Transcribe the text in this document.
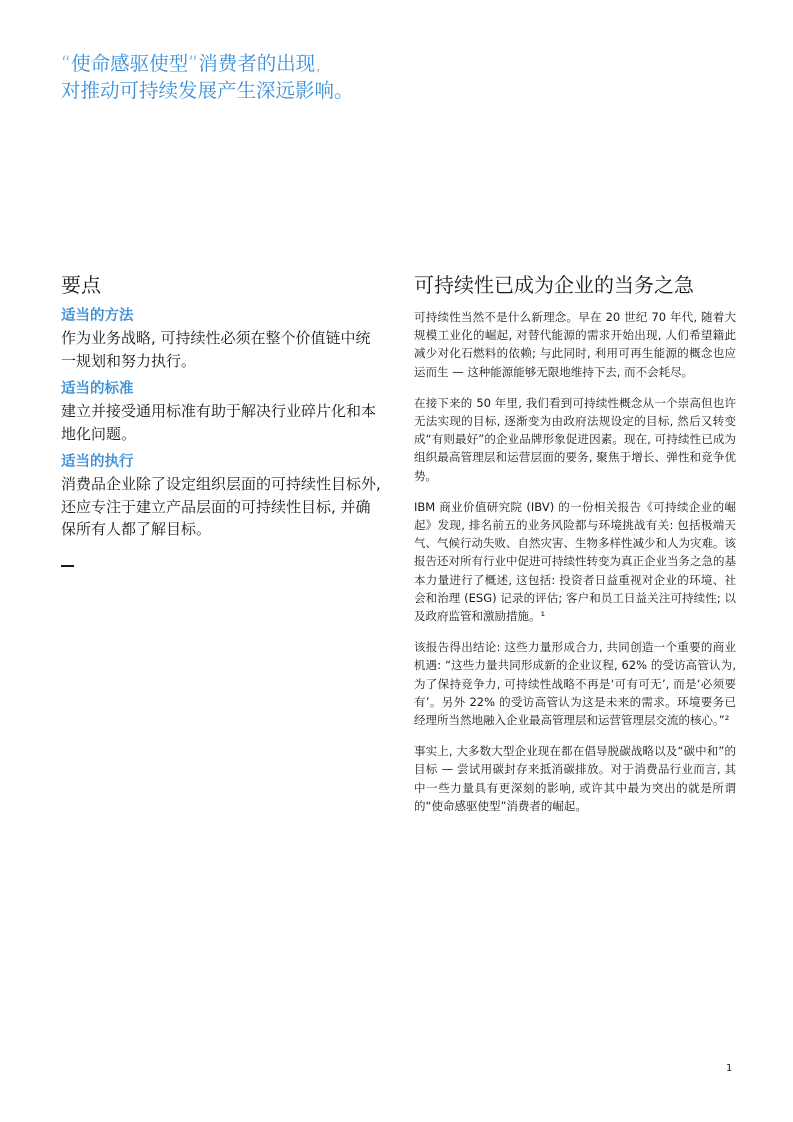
“使命感驱使型”消费者的出现,
对推动可持续发展产生深远影响。
要点
适当的方法
作为业务战略, 可持续性必须在整个价值链中统一规划和努力执行。
适当的标准
建立并接受通用标准有助于解决行业碎片化和本地化问题。
适当的执行
消费品企业除了设定组织层面的可持续性目标外, 还应专注于建立产品层面的可持续性目标, 并确保所有人都了解目标。
可持续性已成为企业的当务之急

可持续性当然不是什么新理念。早在 20 世纪 70 年代, 随着大规模工业化的崛起, 对替代能源的需求开始出现, 人们希望籍此减少对化石燃料的依赖; 与此同时, 利用可再生能源的概念也应运而生 — 这种能源能够无限地维持下去, 而不会耗尽。

在接下来的 50 年里, 我们看到可持续性概念从一个崇高但也许无法实现的目标, 逐渐变为由政府法规设定的目标, 然后又转变成“有则最好”的企业品牌形象促进因素。现在, 可持续性已成为组织最高管理层和运营层面的要务, 聚焦于增长、弹性和竞争优势。

IBM 商业价值研究院 (IBV) 的一份相关报告《可持续企业的崛起》发现, 排名前五的业务风险都与环境挑战有关: 包括极端天气、气候行动失败、自然灾害、生物多样性减少和人为灾难。该报告还对所有行业中促进可持续性转变为真正企业当务之急的基本力量进行了概述, 这包括: 投资者日益重视对企业的环境、社会和治理 (ESG) 记录的评估; 客户和员工日益关注可持续性; 以及政府监管和激励措施。¹

该报告得出结论: 这些力量形成合力, 共同创造一个重要的商业机遇: “这些力量共同形成新的企业议程, 62% 的受访高管认为, 为了保持竞争力, 可持续性战略不再是‘可有可无’, 而是‘必须要有’。另外 22% 的受访高管认为这是未来的需求。环境要务已经理所当然地融入企业最高管理层和运营管理层交流的核心。”²

事实上, 大多数大型企业现在都在倡导脱碳战略以及“碳中和”的目标 — 尝试用碳封存来抵消碳排放。对于消费品行业而言, 其中一些力量具有更深刻的影响, 或许其中最为突出的就是所谓的“使命感驱使型”消费者的崛起。

1
